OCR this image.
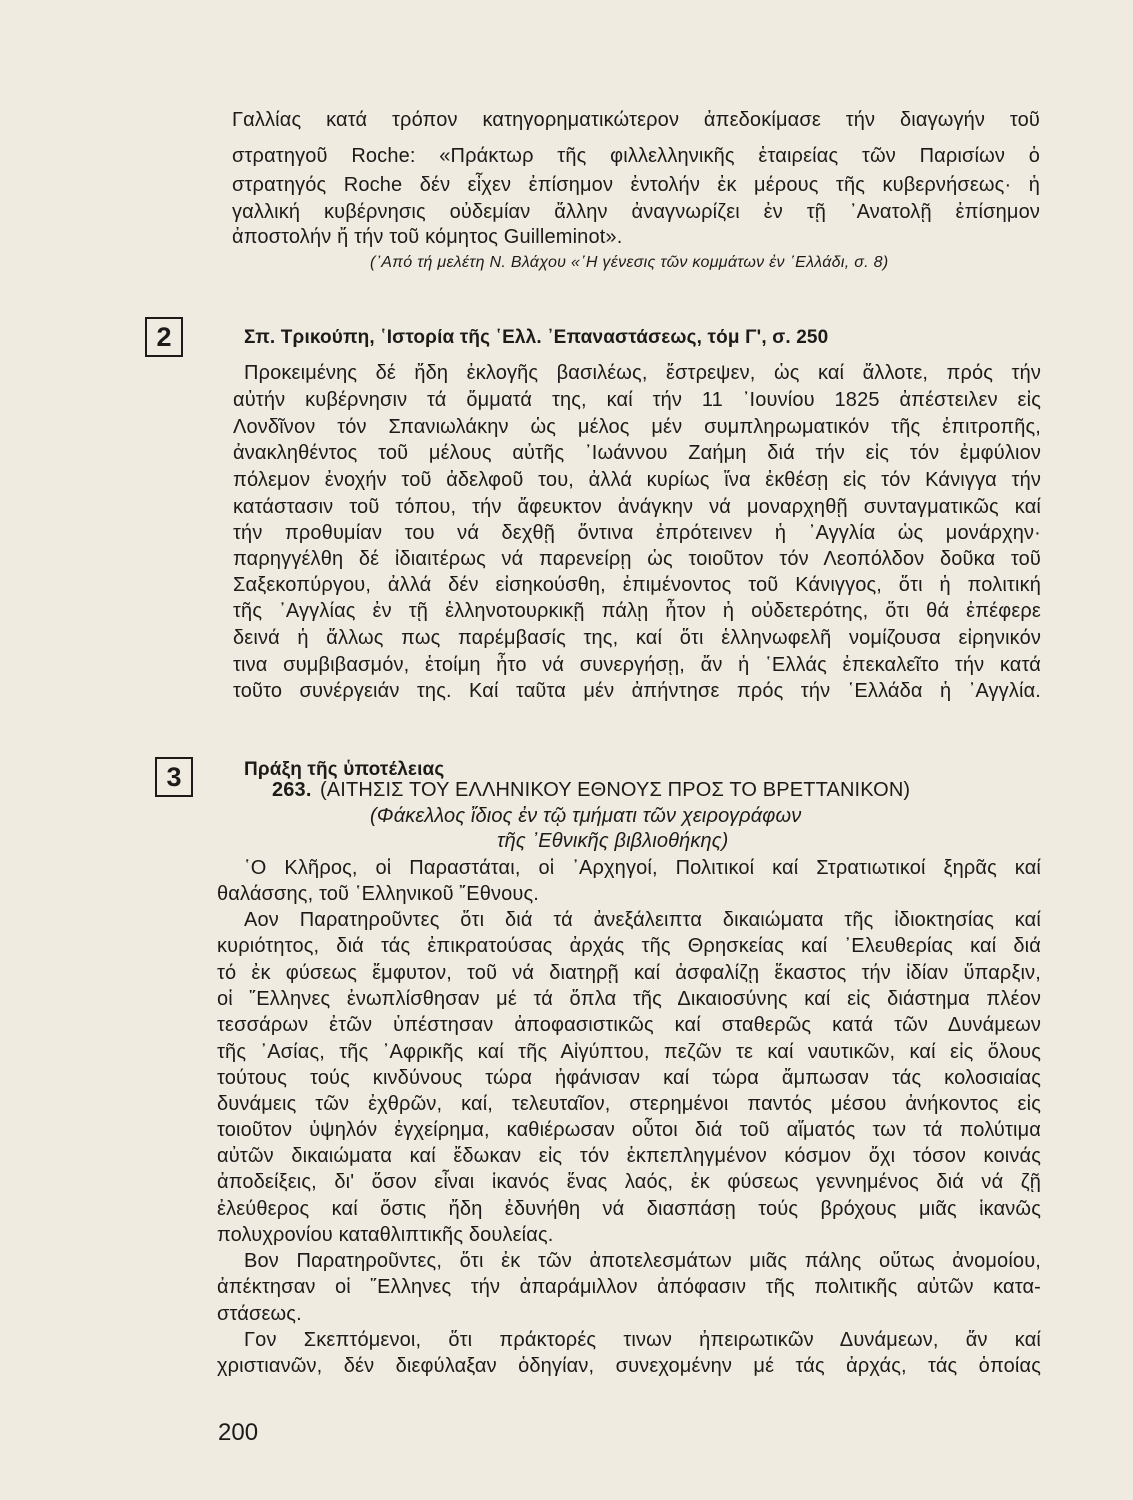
Γαλλίας κατά τρόπον κατηγορηματικώτερον ἀπεδοκίμασε τήν διαγωγήν τοῦ
στρατηγοῦ Roche: «Πράκτωρ τῆς φιλλελληνικῆς ἑταιρείας τῶν Παρισίων ὁ
στρατηγός Roche δέν εἶχεν ἐπίσημον ἐντολήν ἐκ μέρους τῆς κυβερνήσεως· ἡ
γαλλική κυβέρνησις οὐδεμίαν ἄλλην ἀναγνωρίζει ἐν τῇ ᾿Ανατολῇ ἐπίσημον
ἀποστολήν ἤ τήν τοῦ κόμητος Guilleminot».
(᾿Από τή μελέτη Ν. Βλάχου «῾Η γένεσις τῶν κομμάτων ἐν ῾Ελλάδι, σ. 8)
2	Σπ. Τρικούπη, ῾Ιστορία τῆς ῾Ελλ. ᾿Επαναστάσεως, τόμ Γ', σ. 250
Προκειμένης δέ ἤδη ἐκλογῆς βασιλέως, ἔστρεψεν, ὡς καί ἄλλοτε, πρός τήν
αὐτήν κυβέρνησιν τά ὄμματά της, καί τήν 11 ᾿Ιουνίου 1825 ἀπέστειλεν εἰς
Λονδῖνον τόν Σπανιωλάκην ὡς μέλος μέν συμπληρωματικόν τῆς ἐπιτροπῆς,
ἀνακληθέντος τοῦ μέλους αὐτῆς ᾿Ιωάννου Ζαήμη διά τήν εἰς τόν ἐμφύλιον
πόλεμον ἐνοχήν τοῦ ἀδελφοῦ του, ἀλλά κυρίως ἵνα ἐκθέσῃ εἰς τόν Κάνιγγα τήν
κατάστασιν τοῦ τόπου, τήν ἄφευκτον ἀνάγκην νά μοναρχηθῇ συνταγματικῶς καί
τήν προθυμίαν του νά δεχθῇ ὅντινα ἐπρότεινεν ἡ ᾿Αγγλία ὡς μονάρχην·
παρηγγέλθη δέ ἰδιαιτέρως νά παρενείρῃ ὡς τοιοῦτον τόν Λεοπόλδον δοῦκα τοῦ
Σαξεκοπύργου, ἀλλά δέν εἰσηκούσθη, ἐπιμένοντος τοῦ Κάνιγγος, ὅτι ἡ πολιτική
τῆς ᾿Αγγλίας ἐν τῇ ἑλληνοτουρκικῇ πάλῃ ἦτον ἡ οὐδετερότης, ὅτι θά ἐπέφερε
δεινά ἡ ἄλλως πως παρέμβασίς της, καί ὅτι ἑλληνωφελῆ νομίζουσα εἰρηνικόν
τινα συμβιβασμόν, ἑτοίμη ἦτο νά συνεργήσῃ, ἄν ἡ ῾Ελλάς ἐπεκαλεῖτο τήν κατά
τοῦτο συνέργειάν της. Καί ταῦτα μέν ἀπήντησε πρός τήν ῾Ελλάδα ἡ ᾿Αγγλία.
3	Πράξη τῆς ὑποτέλειας
263. (ΑΙΤΗΣΙΣ ΤΟΥ ΕΛΛΗΝΙΚΟΥ ΕΘΝΟΥΣ ΠΡΟΣ ΤΟ ΒΡΕΤΤΑΝΙΚΟΝ)
(Φάκελλος ἴδιος ἐν τῷ τμήματι τῶν χειρογράφων
τῆς ᾿Εθνικῆς βιβλιοθήκης)
῾Ο Κλῆρος, οἱ Παραστάται, οἱ ᾿Αρχηγοί, Πολιτικοί καί Στρατιωτικοί ξηρᾶς καί
θαλάσσης, τοῦ ῾Ελληνικοῦ ῎Εθνους.
Αον Παρατηροῦντες ὅτι διά τά ἀνεξάλειπτα δικαιώματα τῆς ἰδιοκτησίας καί
κυριότητος, διά τάς ἐπικρατούσας ἀρχάς τῆς Θρησκείας καί ᾿Ελευθερίας καί διά
τό ἐκ φύσεως ἔμφυτον, τοῦ νά διατηρῇ καί ἀσφαλίζῃ ἕκαστος τήν ἰδίαν ὕπαρξιν,
οἱ ῞Ελληνες ἐνωπλίσθησαν μέ τά ὅπλα τῆς Δικαιοσύνης καί εἰς διάστημα πλέον
τεσσάρων ἐτῶν ὑπέστησαν ἀποφασιστικῶς καί σταθερῶς κατά τῶν Δυνάμεων
τῆς ᾿Ασίας, τῆς ᾿Αφρικῆς καί τῆς Αἰγύπτου, πεζῶν τε καί ναυτικῶν, καί εἰς ὅλους
τούτους τούς κινδύνους τώρα ἠφάνισαν καί τώρα ἄμπωσαν τάς κολοσιαίας
δυνάμεις τῶν ἐχθρῶν, καί, τελευταῖον, στερημένοι παντός μέσου ἀνήκοντος εἰς
τοιοῦτον ὑψηλόν ἐγχείρημα, καθιέρωσαν οὗτοι διά τοῦ αἵματός των τά πολύτιμα
αὐτῶν δικαιώματα καί ἔδωκαν εἰς τόν ἐκπεπληγμένον κόσμον ὄχι τόσον κοινάς
ἀποδείξεις, δι' ὅσον εἶναι ἱκανός ἕνας λαός, ἐκ φύσεως γεννημένος διά νά ζῇ
ἐλεύθερος καί ὅστις ἤδη ἐδυνήθη νά διασπάσῃ τούς βρόχους μιᾶς ἱκανῶς
πολυχρονίου καταθλιπτικῆς δουλείας.
Βον Παρατηροῦντες, ὅτι ἐκ τῶν ἀποτελεσμάτων μιᾶς πάλης οὕτως ἀνομοίου,
ἀπέκτησαν οἱ ῞Ελληνες τήν ἀπαράμιλλον ἀπόφασιν τῆς πολιτικῆς αὐτῶν κατα-
στάσεως.
Γον Σκεπτόμενοι, ὅτι πράκτορές τινων ἠπειρωτικῶν Δυνάμεων, ἄν καί
χριστιανῶν, δέν διεφύλαξαν ὁδηγίαν, συνεχομένην μέ τάς ἀρχάς, τάς ὁποίας
200
